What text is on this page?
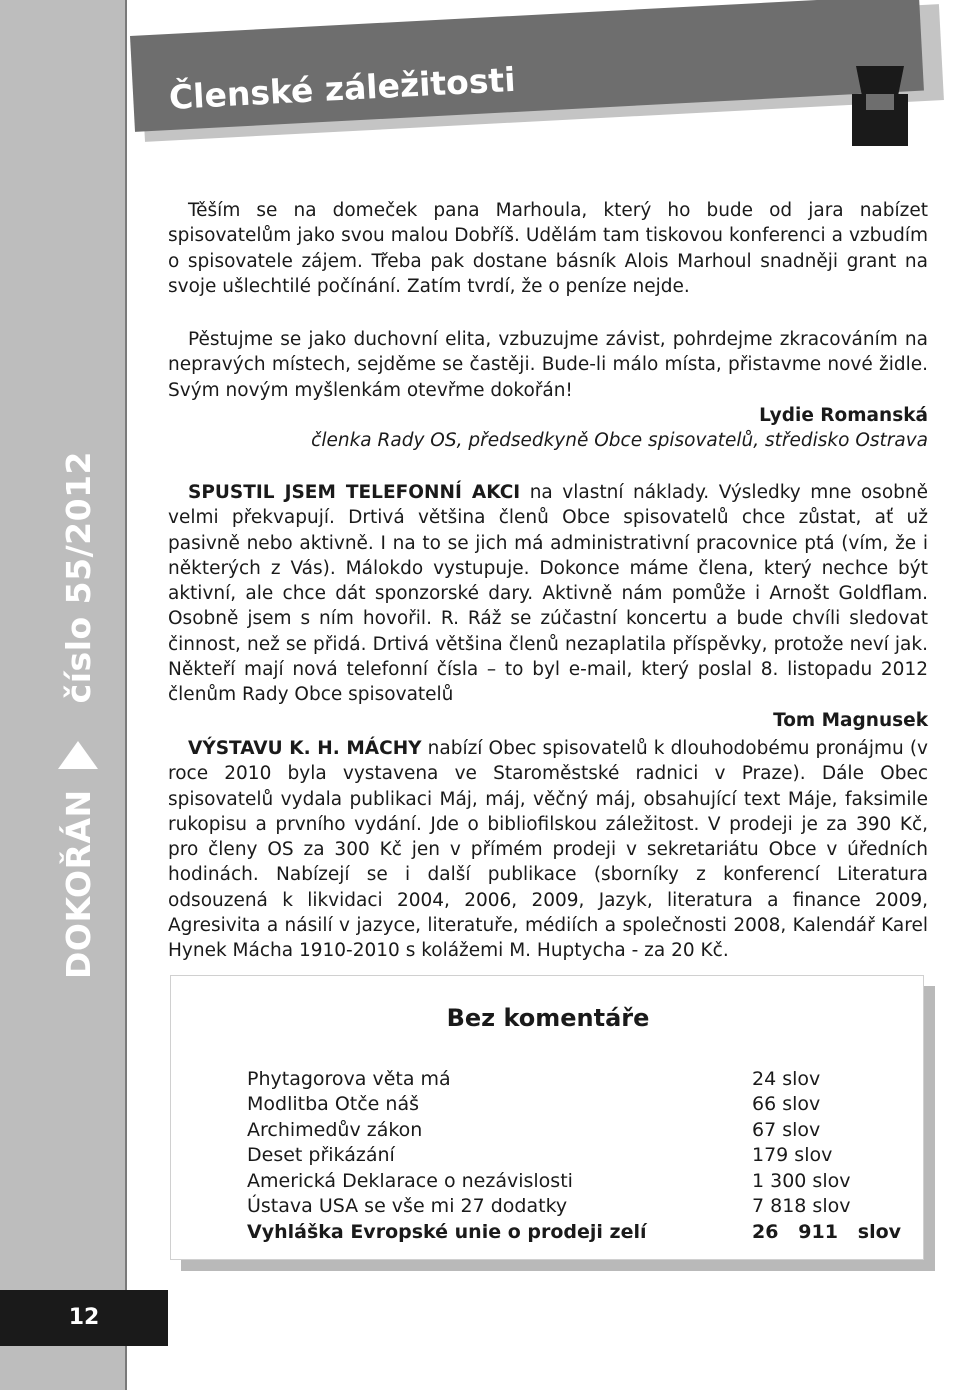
DOKOŘÁN
číslo 55/2012
12
Členské záležitosti

Těším se na domeček pana Marhoula, který ho bude od jara nabízet spisovatelům jako svou malou Dobříš. Udělám tam tiskovou konferenci a vzbudím o spisovatele zájem. Třeba pak dostane básník Alois Marhoul snadněji grant na svoje ušlechtilé počínání. Zatím tvrdí, že o peníze nejde.

Pěstujme se jako duchovní elita, vzbuzujme závist, pohrdejme zkracováním na nepravých místech, sejděme se častěji. Bude-li málo místa, přistavme nové židle. Svým novým myšlenkám otevřme dokořán!

Lydie Romanská

členka Rady OS, předsedkyně Obce spisovatelů, středisko Ostrava

SPUSTIL JSEM TELEFONNÍ AKCI na vlastní náklady. Výsledky mne osobně velmi překvapují. Drtivá většina členů Obce spisovatelů chce zůstat, ať už pasivně nebo aktivně. I na to se jich má administrativní pracovnice ptá (vím, že i některých z Vás). Málokdo vystupuje. Dokonce máme člena, který nechce být aktivní, ale chce dát sponzorské dary. Aktivně nám pomůže i Arnošt Goldflam. Osobně jsem s ním hovořil. R. Ráž se zúčastní koncertu a bude chvíli sledovat činnost, než se přidá. Drtivá většina členů nezaplatila příspěvky, protože neví jak. Někteří mají nová telefonní čísla – to byl e-mail, který poslal 8. listopadu 2012 členům Rady Obce spisovatelů

Tom Magnusek

VÝSTAVU K. H. MÁCHY nabízí Obec spisovatelů k dlouhodobému pronájmu (v roce 2010 byla vystavena ve Staroměstské radnici v Praze). Dále Obec spisovatelů vydala publikaci Máj, máj, věčný máj, obsahující text Máje, faksimile rukopisu a prvního vydání. Jde o bibliofilskou záležitost. V prodeji je za 390 Kč, pro členy OS za 300 Kč jen v přímém prodeji v sekretariátu Obce v úředních hodinách. Nabízejí se i další publikace (sborníky z konferencí Literatura odsouzená k likvidaci 2004, 2006, 2009, Jazyk, literatura a finance 2009, Agresivita a násilí v jazyce, literatuře, médiích a společnosti 2008, Kalendář Karel Hynek Mácha 1910-2010 s kolážemi M. Huptycha - za 20 Kč.

Bez komentáře
Phytagorova věta má	24 slov
Modlitba Otče náš	66 slov
Archimedův zákon	67 slov
Deset přikázání	179 slov
Americká Deklarace o nezávislosti	1 300 slov
Ústava USA se vše mi 27 dodatky	7 818 slov
Vyhláška Evropské unie o prodeji zelí	26   911   slov
